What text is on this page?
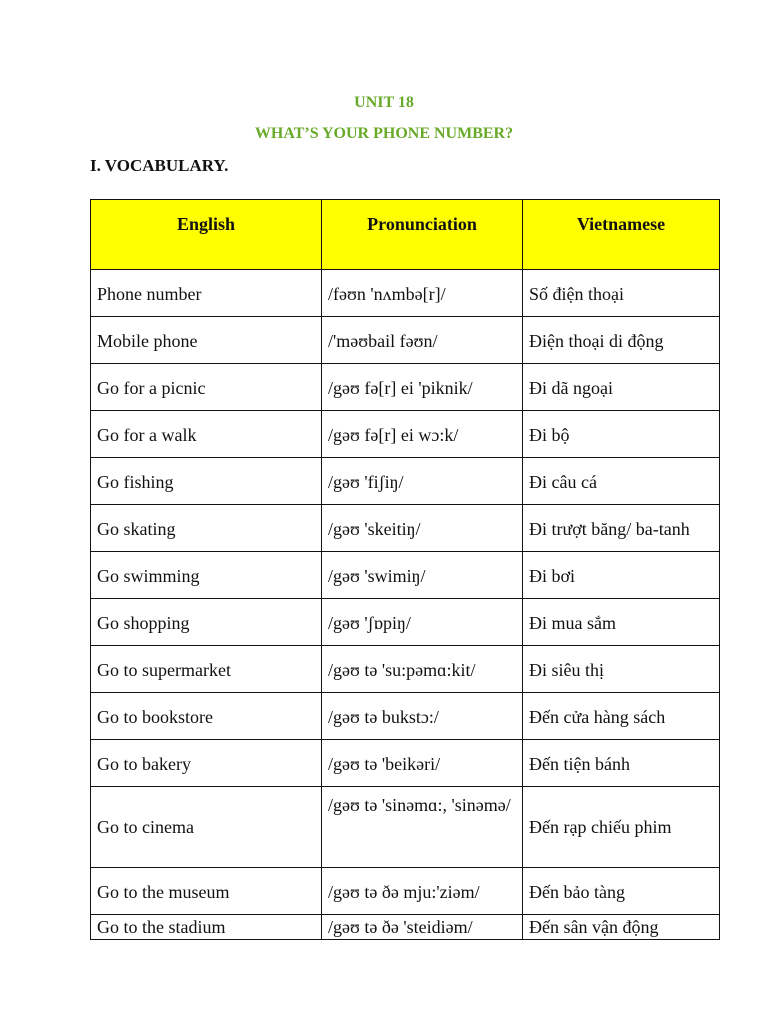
UNIT 18
WHAT’S YOUR PHONE NUMBER?
I. VOCABULARY.
English	Pronunciation	Vietnamese
Phone number	/fəʊn 'nʌmbə[r]/	Số điện thoại
Mobile phone	/'məʊbail fəʊn/	Điện thoại di động
Go for a picnic	/gəʊ fə[r] ei 'piknik/	Đi dã ngoại
Go for a walk	/gəʊ fə[r] ei wɔ:k/	Đi bộ
Go fishing	/gəʊ 'fiʃiŋ/	Đi câu cá
Go skating	/gəʊ 'skeitiŋ/	Đi trượt băng/ ba-tanh
Go swimming	/gəʊ 'swimiŋ/	Đi bơi
Go shopping	/gəʊ 'ʃɒpiŋ/	Đi mua sắm
Go to supermarket	/gəʊ tə 'su:pəmɑ:kit/	Đi siêu thị
Go to bookstore	/gəʊ tə bukstɔ:/	Đến cửa hàng sách
Go to bakery	/gəʊ tə 'beikəri/	Đến tiện bánh
Go to cinema	/gəʊ tə 'sinəmɑ:, 'sinəmə/	Đến rạp chiếu phim
Go to the museum	/gəʊ tə ðə mju:'ziəm/	Đến bảo tàng
Go to the stadium	/gəʊ tə ðə 'steidiəm/	Đến sân vận động
